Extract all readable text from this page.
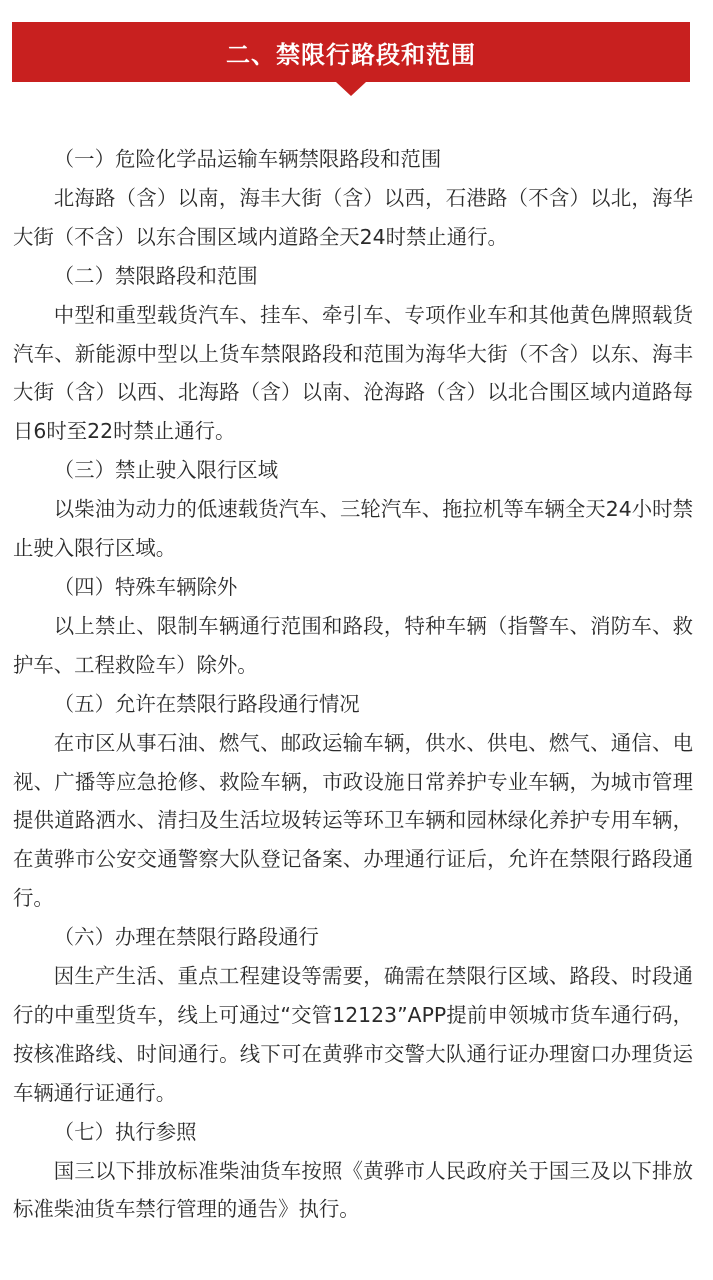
二、禁限行路段和范围

（一）危险化学品运输车辆禁限路段和范围

北海路（含）以南，海丰大街（含）以西，石港路（不含）以北，海华大街（不含）以东合围区域内道路全天24时禁止通行。

（二）禁限路段和范围

中型和重型载货汽车、挂车、牵引车、专项作业车和其他黄色牌照载货汽车、新能源中型以上货车禁限路段和范围为海华大街（不含）以东、海丰大街（含）以西、北海路（含）以南、沧海路（含）以北合围区域内道路每日6时至22时禁止通行。

（三）禁止驶入限行区域

以柴油为动力的低速载货汽车、三轮汽车、拖拉机等车辆全天24小时禁止驶入限行区域。

（四）特殊车辆除外

以上禁止、限制车辆通行范围和路段，特种车辆（指警车、消防车、救护车、工程救险车）除外。

（五）允许在禁限行路段通行情况

在市区从事石油、燃气、邮政运输车辆，供水、供电、燃气、通信、电视、广播等应急抢修、救险车辆，市政设施日常养护专业车辆，为城市管理提供道路洒水、清扫及生活垃圾转运等环卫车辆和园林绿化养护专用车辆，在黄骅市公安交通警察大队登记备案、办理通行证后，允许在禁限行路段通行。

（六）办理在禁限行路段通行

因生产生活、重点工程建设等需要，确需在禁限行区域、路段、时段通行的中重型货车，线上可通过“交管12123”APP提前申领城市货车通行码，按核准路线、时间通行。线下可在黄骅市交警大队通行证办理窗口办理货运车辆通行证通行。

（七）执行参照

国三以下排放标准柴油货车按照《黄骅市人民政府关于国三及以下排放标准柴油货车禁行管理的通告》执行。
